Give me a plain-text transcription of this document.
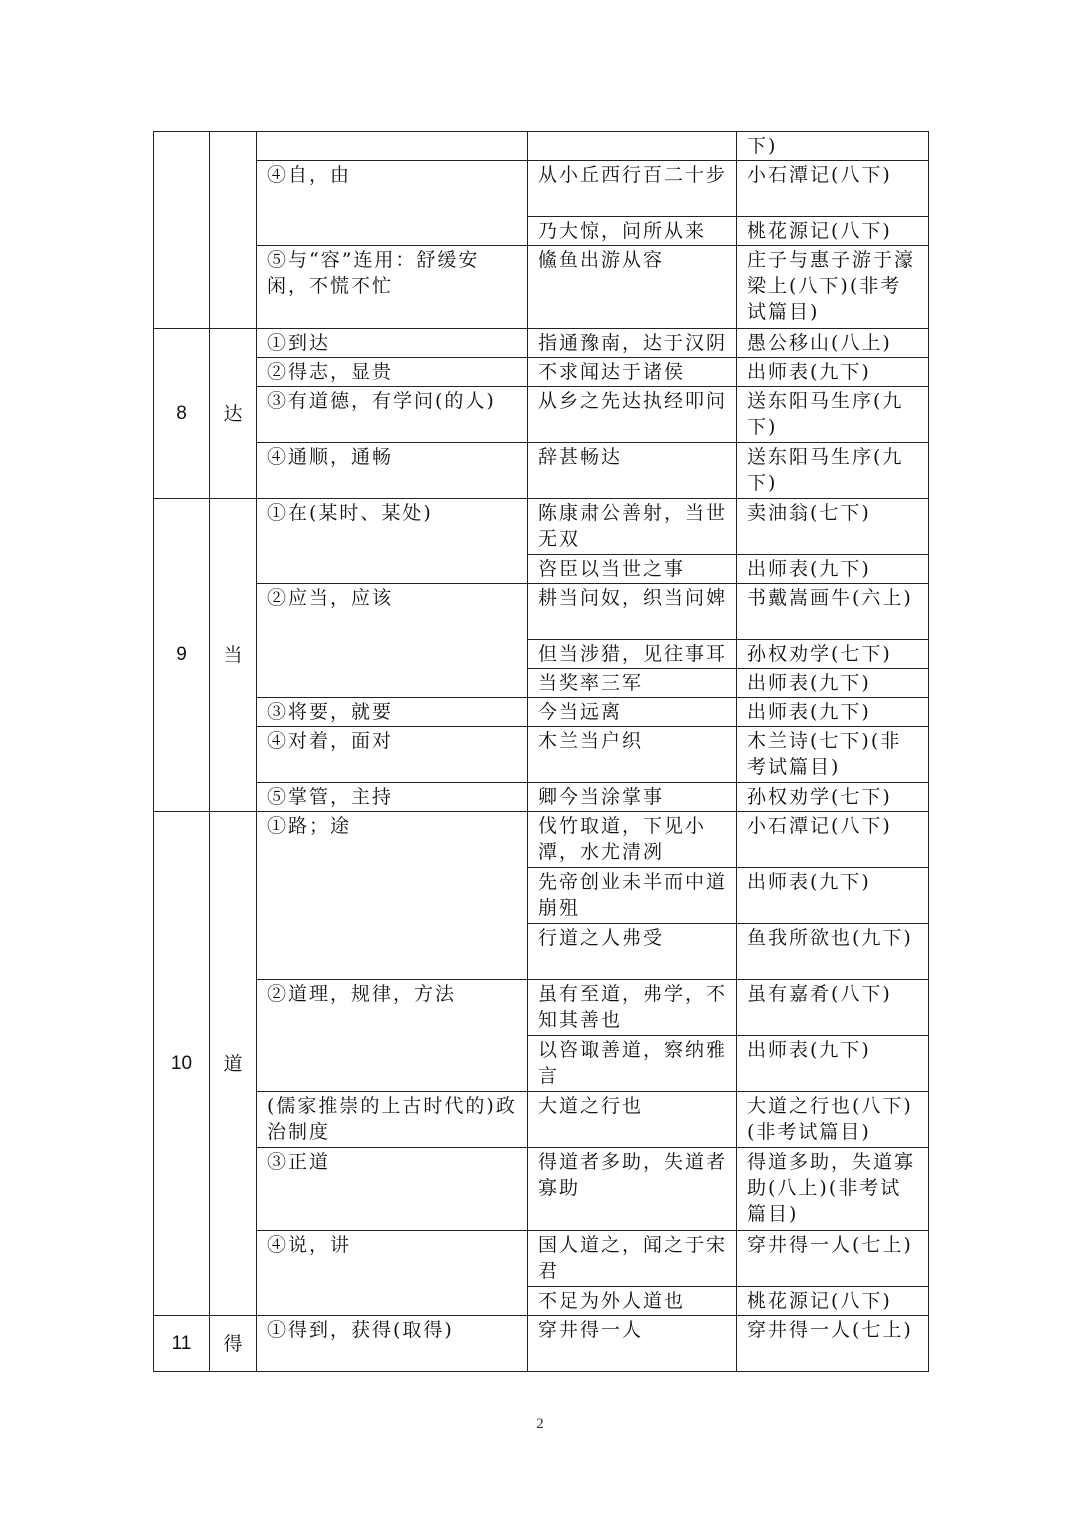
				下)
		④自，由	从小丘西行百二十步	小石潭记(八下)
			乃大惊，问所从来	桃花源记(八下)
		⑤与“容”连用：舒缓安闲，不慌不忙	鯈鱼出游从容	庄子与惠子游于濠梁上(八下)(非考试篇目)
8	达	①到达	指通豫南，达于汉阴	愚公移山(八上)
		②得志，显贵	不求闻达于诸侯	出师表(九下)
		③有道德，有学问(的人)	从乡之先达执经叩问	送东阳马生序(九下)
		④通顺，通畅	辞甚畅达	送东阳马生序(九下)
9	当	①在(某时、某处)	陈康肃公善射，当世无双	卖油翁(七下)
			咨臣以当世之事	出师表(九下)
		②应当，应该	耕当问奴，织当问婢	书戴嵩画牛(六上)
			但当涉猎，见往事耳	孙权劝学(七下)
			当奖率三军	出师表(九下)
		③将要，就要	今当远离	出师表(九下)
		④对着，面对	木兰当户织	木兰诗(七下)(非考试篇目)
		⑤掌管，主持	卿今当涂掌事	孙权劝学(七下)
10	道	①路；途	伐竹取道，下见小潭，水尤清冽	小石潭记(八下)
			先帝创业未半而中道崩殂	出师表(九下)
			行道之人弗受	鱼我所欲也(九下)
		②道理，规律，方法	虽有至道，弗学，不知其善也	虽有嘉肴(八下)
			以咨诹善道，察纳雅言	出师表(九下)
		(儒家推崇的上古时代的)政治制度	大道之行也	大道之行也(八下)(非考试篇目)
		③正道	得道者多助，失道者寡助	得道多助，失道寡助(八上)(非考试篇目)
		④说，讲	国人道之，闻之于宋君	穿井得一人(七上)
			不足为外人道也	桃花源记(八下)
11	得	①得到，获得(取得)	穿井得一人	穿井得一人(七上)
2
